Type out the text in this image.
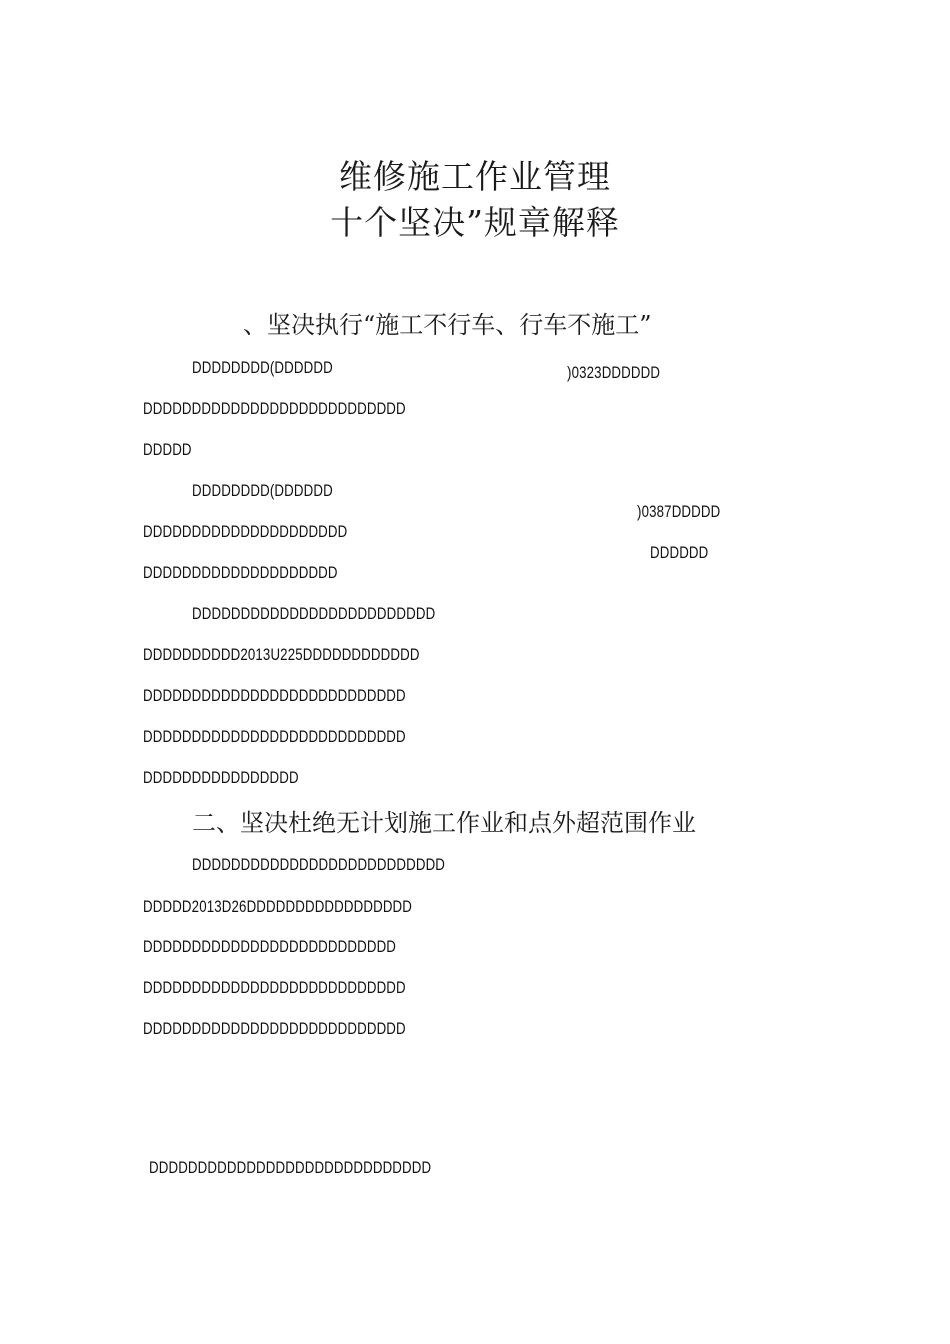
维修施工作业管理
十个坚决”规章解释
、坚决执行“施工不行车、行车不施工”
DDDDDDDD(DDDDDD	)0323DDDDDD
DDDDDDDDDDDDDDDDDDDDDDDDDDD
DDDDD
DDDDDDDD(DDDDDD
)0387DDDDD
DDDDDDDDDDDDDDDDDDDDD
DDDDDD
DDDDDDDDDDDDDDDDDDDD
DDDDDDDDDDDDDDDDDDDDDDDDD
DDDDDDDDDD2013U225DDDDDDDDDDDD
DDDDDDDDDDDDDDDDDDDDDDDDDDD
DDDDDDDDDDDDDDDDDDDDDDDDDDD
DDDDDDDDDDDDDDDD
二、坚决杜绝无计划施工作业和点外超范围作业
DDDDDDDDDDDDDDDDDDDDDDDDDD
DDDDD2013D26DDDDDDDDDDDDDDDDD
DDDDDDDDDDDDDDDDDDDDDDDDDD
DDDDDDDDDDDDDDDDDDDDDDDDDDD
DDDDDDDDDDDDDDDDDDDDDDDDDDD
DDDDDDDDDDDDDDDDDDDDDDDDDDDDD
